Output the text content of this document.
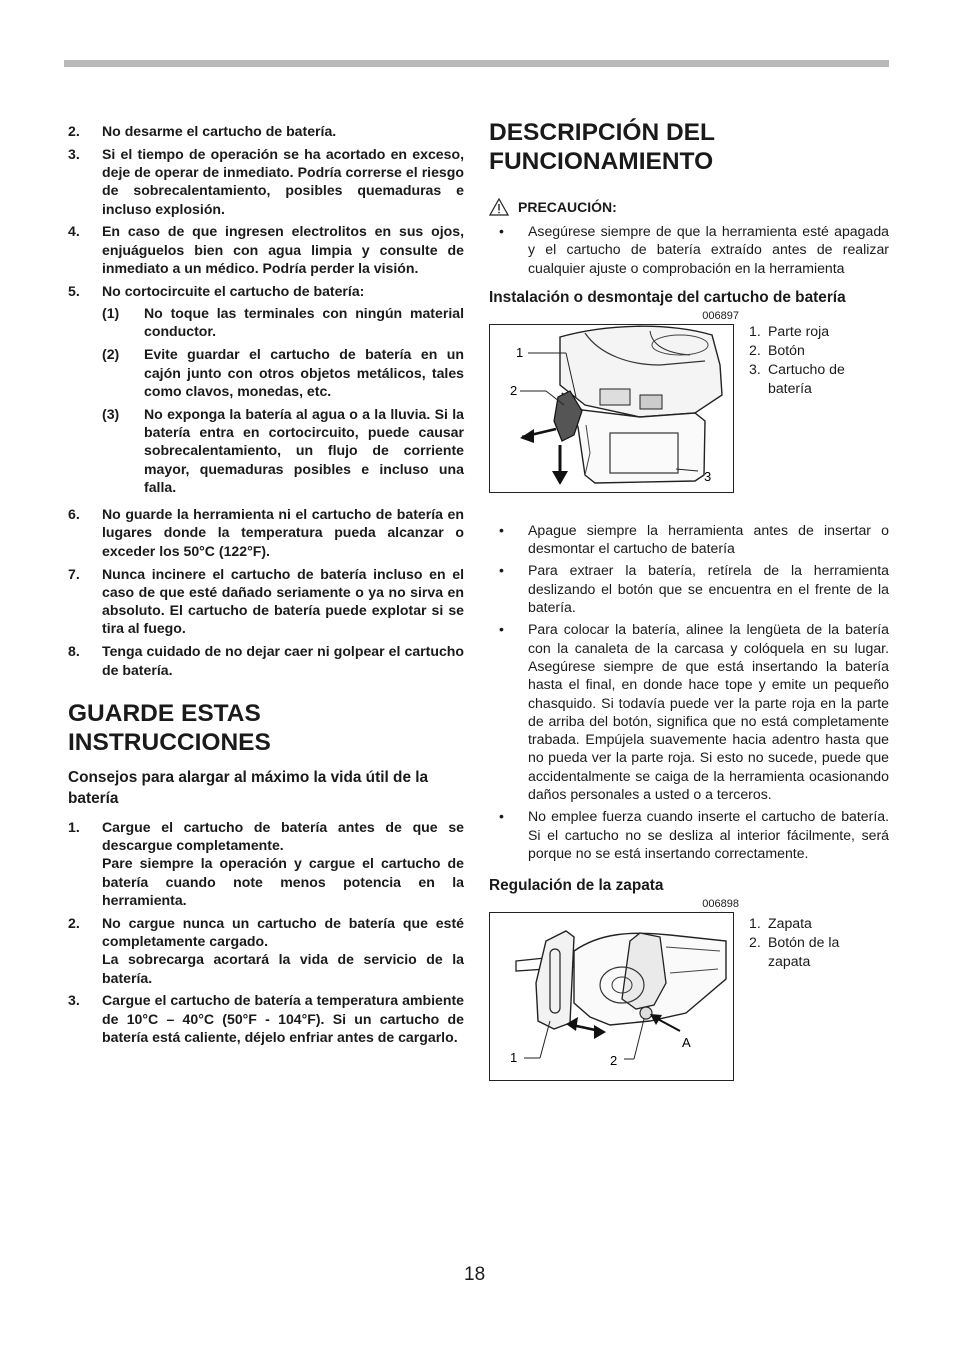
2.	No desarme el cartucho de batería.
3.	Si el tiempo de operación se ha acortado en exceso, deje de operar de inmediato. Podría correrse el riesgo de sobrecalentamiento, posibles quemaduras e incluso explosión.
4.	En caso de que ingresen electrolitos en sus ojos, enjuáguelos bien con agua limpia y consulte de inmediato a un médico. Podría perder la visión.
5.	No cortocircuite el cartucho de batería:

(1)	No toque las terminales con ningún material conductor.
(2)	Evite guardar el cartucho de batería en un cajón junto con otros objetos metálicos, tales como clavos, monedas, etc.
(3)	No exponga la batería al agua o a la lluvia. Si la batería entra en cortocircuito, puede causar sobrecalentamiento, un flujo de corriente mayor, quemaduras posibles e incluso una falla.
6.	No guarde la herramienta ni el cartucho de batería en lugares donde la temperatura pueda alcanzar o exceder los 50°C (122°F).
7.	Nunca incinere el cartucho de batería incluso en el caso de que esté dañado seriamente o ya no sirva en absoluto. El cartucho de batería puede explotar si se tira al fuego.
8.	Tenga cuidado de no dejar caer ni golpear el cartucho de batería.
GUARDE ESTAS INSTRUCCIONES
Consejos para alargar al máximo la vida útil de la batería
1.	Cargue el cartucho de batería antes de que se descargue completamente.

Pare siempre la operación y cargue el cartucho de batería cuando note menos potencia en la herramienta.

2.	No cargue nunca un cartucho de batería que esté completamente cargado.

La sobrecarga acortará la vida de servicio de la batería.

3.	Cargue el cartucho de batería a temperatura ambiente de 10°C – 40°C (50°F - 104°F). Si un cartucho de batería está caliente, déjelo enfriar antes de cargarlo.

DESCRIPCIÓN DEL FUNCIONAMIENTO
PRECAUCIÓN:
•	Asegúrese siempre de que la herramienta esté apagada y el cartucho de batería extraído antes de realizar cualquier ajuste o comprobación en la herramienta
Instalación o desmontaje del cartucho de batería
006897
1
2
3
1. Parte roja
2. Botón
3. Cartucho de batería
•	Apague siempre la herramienta antes de insertar o desmontar el cartucho de batería
•	Para extraer la batería, retírela de la herramienta deslizando el botón que se encuentra en el frente de la batería.
•	Para colocar la batería, alinee la lengüeta de la batería con la canaleta de la carcasa y colóquela en su lugar. Asegúrese siempre de que está insertando la batería hasta el final, en donde hace tope y emite un pequeño chasquido. Si todavía puede ver la parte roja en la parte de arriba del botón, significa que no está completamente trabada. Empújela suavemente hacia adentro hasta que no pueda ver la parte roja. Si esto no sucede, puede que accidentalmente se caiga de la herramienta ocasionando daños personales a usted o a terceros.
•	No emplee fuerza cuando inserte el cartucho de batería. Si el cartucho no se desliza al interior fácilmente, será porque no se está insertando correctamente.
Regulación de la zapata
006898
1	2
A
1. Zapata
2. Botón de la zapata
18
